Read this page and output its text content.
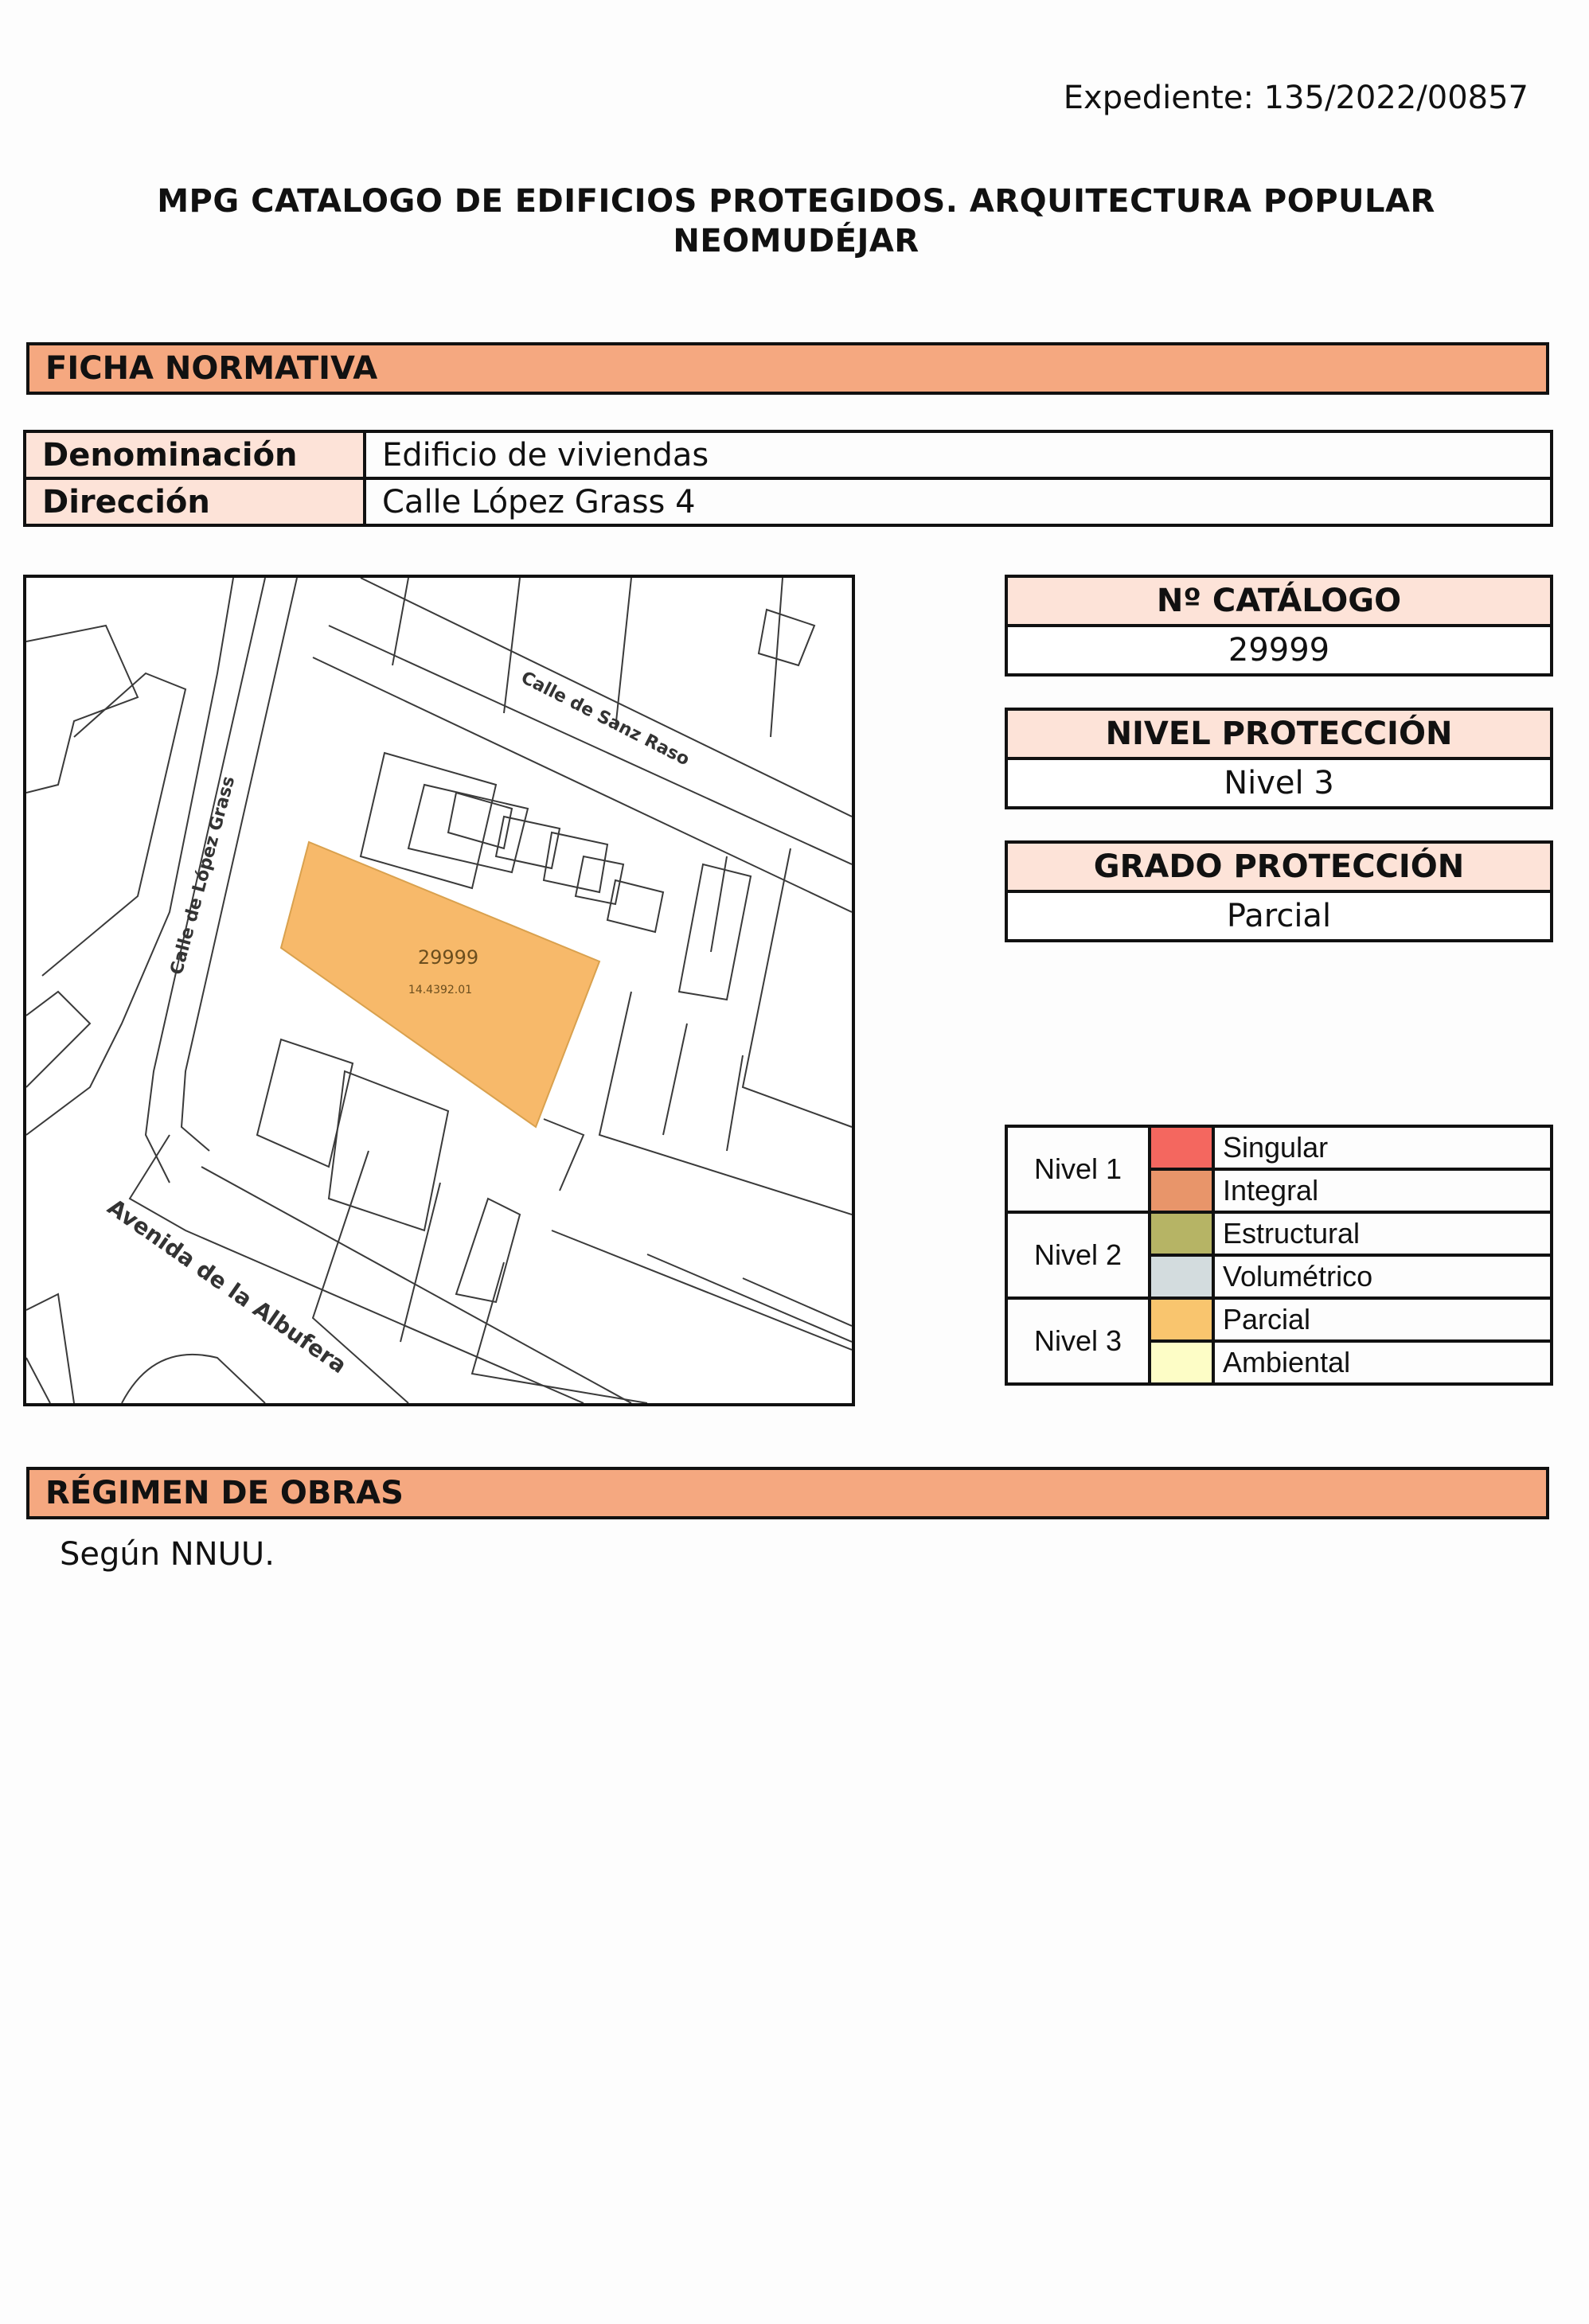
Expediente: 135/2022/00857
MPG CATALOGO DE EDIFICIOS PROTEGIDOS. ARQUITECTURA POPULAR NEOMUDÉJAR
FICHA NORMATIVA
Denominación	Edificio de viviendas
Dirección	Calle López Grass 4
29999
14.4392.01
Calle de Sanz Raso
Calle de López Grass
Avenida de la Albufera
Nº CATÁLOGO
29999
NIVEL PROTECCIÓN
Nivel 3
GRADO PROTECCIÓN
Parcial
Nivel 1		Singular
		Integral
Nivel 2		Estructural
		Volumétrico
Nivel 3		Parcial
		Ambiental
RÉGIMEN DE OBRAS
Según NNUU.
